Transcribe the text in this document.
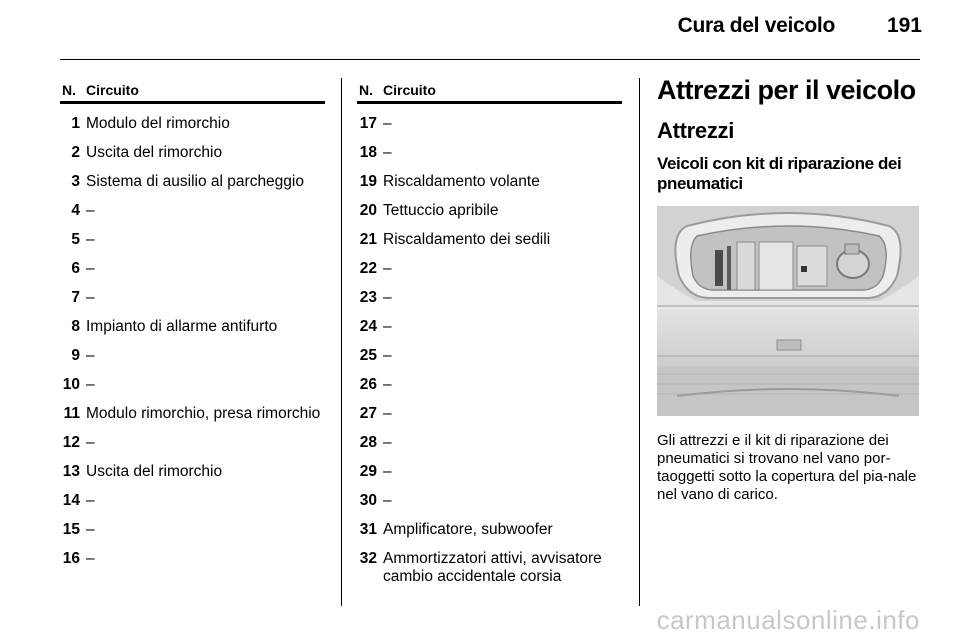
Cura del veicolo	191
N. Circuito
1 Modulo del rimorchio
2 Uscita del rimorchio
3 Sistema di ausilio al parcheggio
4 –
5 –
6 –
7 –
8 Impianto di allarme antifurto
9 –
10 –
11 Modulo rimorchio, presa rimorchio
12 –
13 Uscita del rimorchio
14 –
15 –
16 –
N. Circuito
17 –
18 –
19 Riscaldamento volante
20 Tettuccio apribile
21 Riscaldamento dei sedili
22 –
23 –
24 –
25 –
26 –
27 –
28 –
29 –
30 –
31 Amplificatore, subwoofer
32 Ammortizzatori attivi, avvisatore cambio accidentale corsia
Attrezzi per il veicolo
Attrezzi
Veicoli con kit di riparazione dei pneumatici
Gli attrezzi e il kit di riparazione dei pneumatici si trovano nel vano por-taoggetti sotto la copertura del pia-nale nel vano di carico.
carmanualsonline.info
